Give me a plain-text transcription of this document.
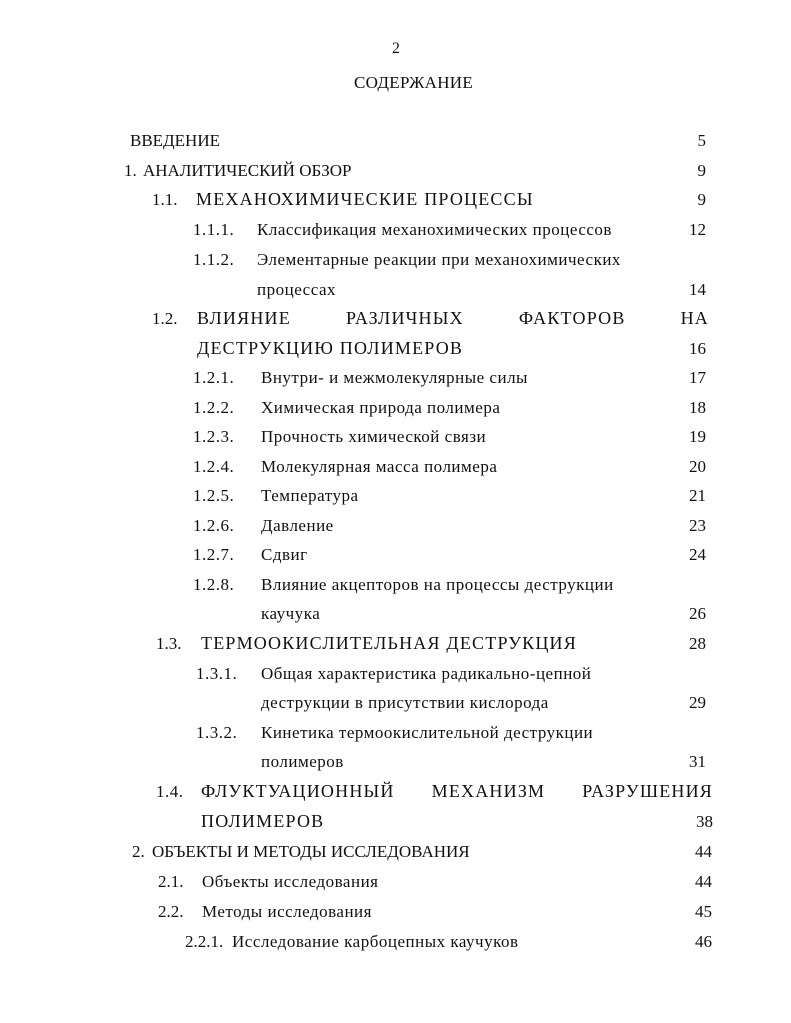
2
СОДЕРЖАНИЕ
ВВЕДЕНИЕ	5
1. АНАЛИТИЧЕСКИЙ ОБЗОР	9
1.1. МЕХАНОХИМИЧЕСКИЕ ПРОЦЕССЫ	9
1.1.1. Классификация механохимических процессов	12
1.1.2. Элементарные реакции при механохимических
процессах	14
1.2. ВЛИЯНИЕ	РАЗЛИЧНЫХ	ФАКТОРОВ	НА
ДЕСТРУКЦИЮ ПОЛИМЕРОВ	16
1.2.1. Внутри- и межмолекулярные силы	17
1.2.2. Химическая природа полимера	18
1.2.3. Прочность химической связи	19
1.2.4. Молекулярная масса полимера	20
1.2.5. Температура	21
1.2.6. Давление	23
1.2.7. Сдвиг	24
1.2.8. Влияние акцепторов на процессы деструкции
каучука	26
1.3. ТЕРМООКИСЛИТЕЛЬНАЯ ДЕСТРУКЦИЯ	28
1.3.1. Общая характеристика радикально-цепной
деструкции в присутствии кислорода	29
1.3.2. Кинетика термоокислительной деструкции
полимеров	31
1.4. ФЛУКТУАЦИОННЫЙ МЕХАНИЗМ РАЗРУШЕНИЯ
ПОЛИМЕРОВ	38
2. ОБЪЕКТЫ И МЕТОДЫ ИССЛЕДОВАНИЯ	44
2.1. Объекты исследования	44
2.2. Методы исследования	45
2.2.1. Исследование карбоцепных каучуков	46
